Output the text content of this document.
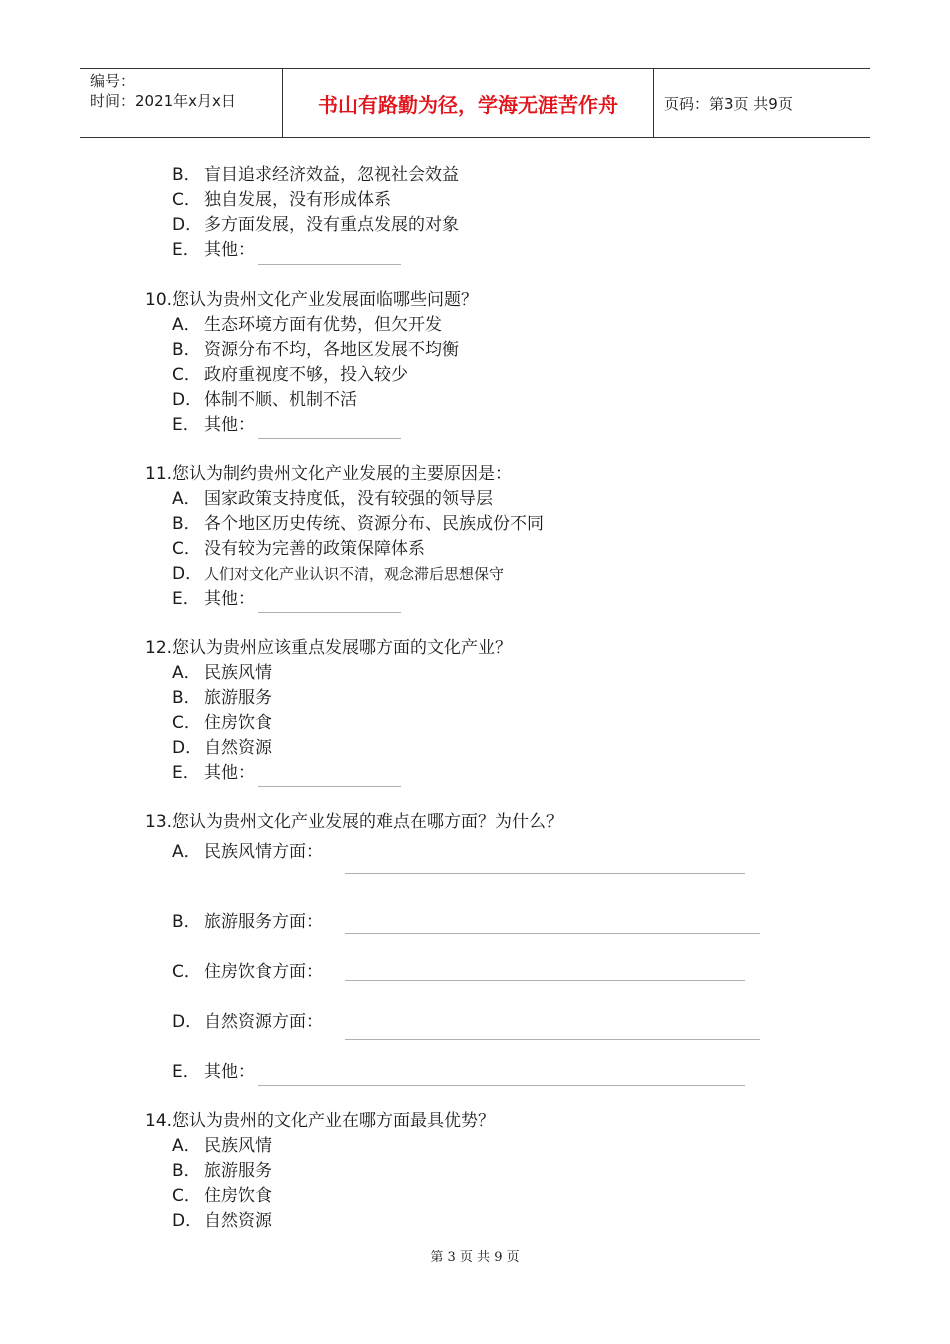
编号：
时间：2021年x月x日	书山有路勤为径，学海无涯苦作舟	页码：第3页 共9页
B． 盲目追求经济效益，忽视社会效益
C． 独自发展，没有形成体系
D． 多方面发展，没有重点发展的对象
E． 其他：
10.您认为贵州文化产业发展面临哪些问题？
A． 生态环境方面有优势，但欠开发
B． 资源分布不均，各地区发展不均衡
C． 政府重视度不够，投入较少
D． 体制不顺、机制不活
E． 其他：
11.您认为制约贵州文化产业发展的主要原因是：
A． 国家政策支持度低，没有较强的领导层
B． 各个地区历史传统、资源分布、民族成份不同
C． 没有较为完善的政策保障体系
D． 人们对文化产业认识不清，观念滞后思想保守
E． 其他：
12.您认为贵州应该重点发展哪方面的文化产业？
A． 民族风情
B． 旅游服务
C． 住房饮食
D． 自然资源
E． 其他：
13.您认为贵州文化产业发展的难点在哪方面？为什么？
A． 民族风情方面：
B． 旅游服务方面：
C． 住房饮食方面：
D． 自然资源方面：
E． 其他：
14.您认为贵州的文化产业在哪方面最具优势？
A． 民族风情
B． 旅游服务
C． 住房饮食
D． 自然资源
第 3 页 共 9 页
